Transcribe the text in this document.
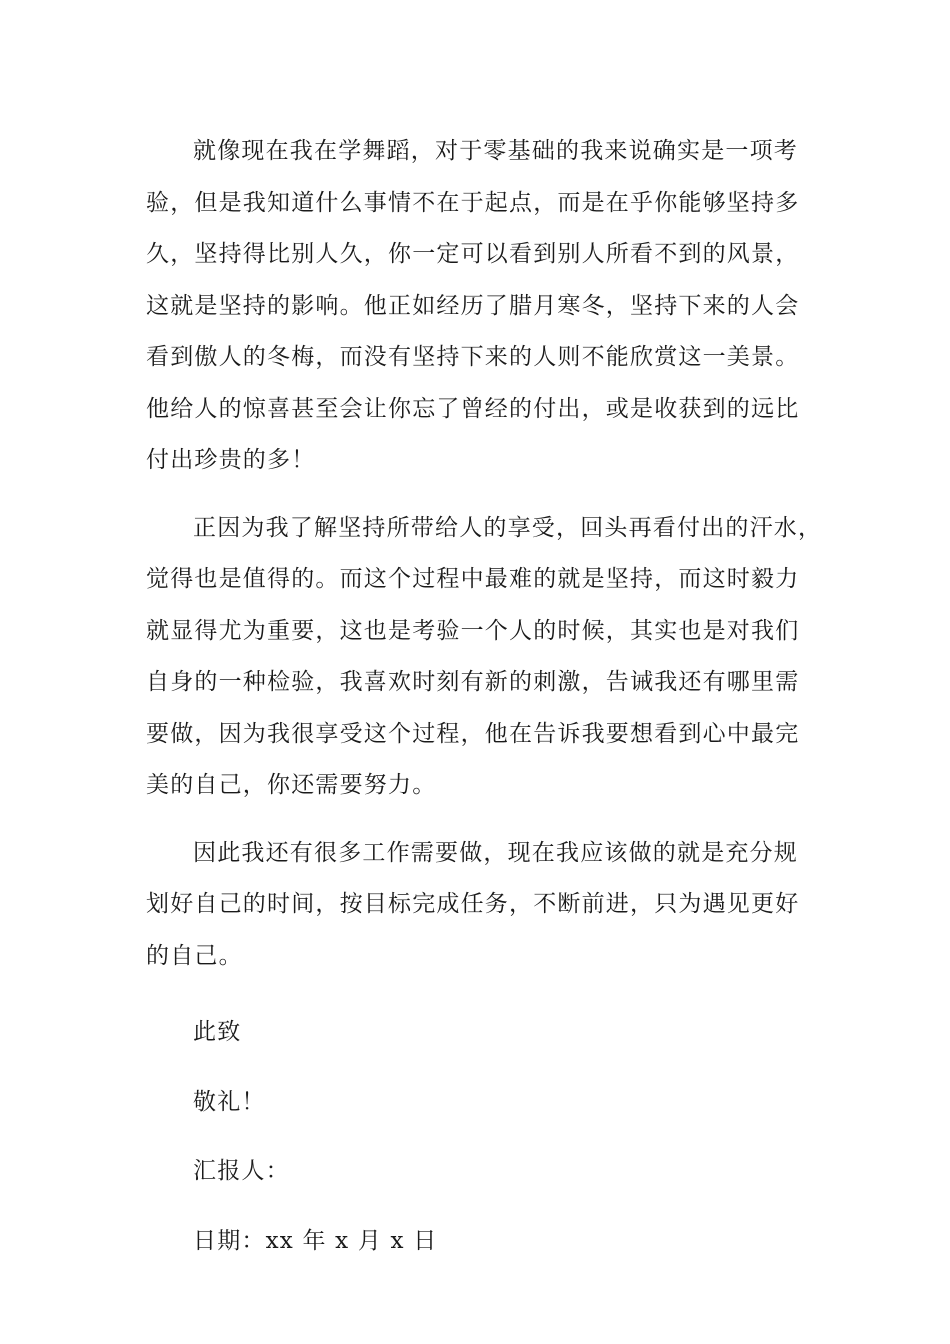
就像现在我在学舞蹈，对于零基础的我来说确实是一项考
验，但是我知道什么事情不在于起点，而是在乎你能够坚持多
久，坚持得比别人久，你一定可以看到别人所看不到的风景，
这就是坚持的影响。他正如经历了腊月寒冬，坚持下来的人会
看到傲人的冬梅，而没有坚持下来的人则不能欣赏这一美景。
他给人的惊喜甚至会让你忘了曾经的付出，或是收获到的远比
付出珍贵的多！
正因为我了解坚持所带给人的享受，回头再看付出的汗水，
觉得也是值得的。而这个过程中最难的就是坚持，而这时毅力
就显得尤为重要，这也是考验一个人的时候，其实也是对我们
自身的一种检验，我喜欢时刻有新的刺激，告诫我还有哪里需
要做，因为我很享受这个过程，他在告诉我要想看到心中最完
美的自己，你还需要努力。
因此我还有很多工作需要做，现在我应该做的就是充分规
划好自己的时间，按目标完成任务，不断前进，只为遇见更好
的自己。
此致
敬礼！
汇报人：
日期：xx 年 x 月 x 日
